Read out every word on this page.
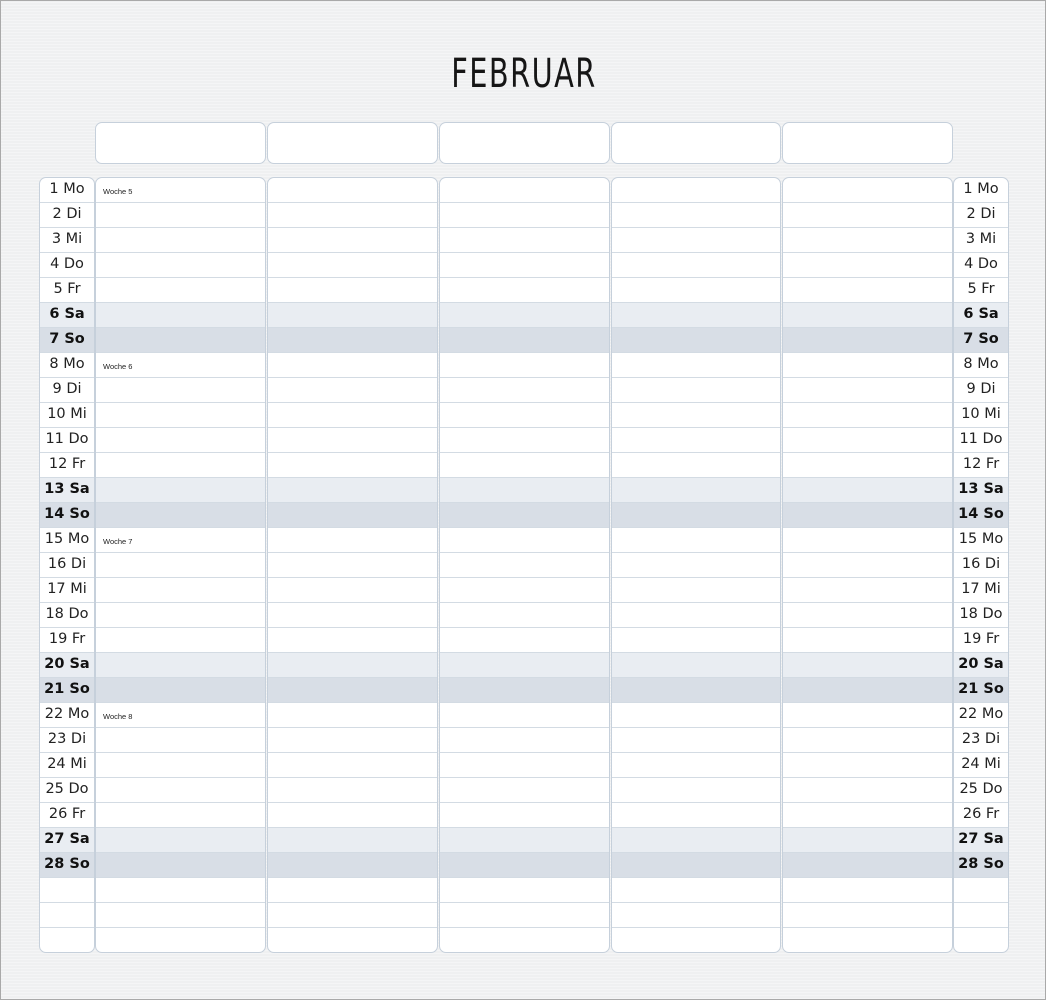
FEBRUAR
1 Mo
2 Di
3 Mi
4 Do
5 Fr
6 Sa
7 So
8 Mo
9 Di
10 Mi
11 Do
12 Fr
13 Sa
14 So
15 Mo
16 Di
17 Mi
18 Do
19 Fr
20 Sa
21 So
22 Mo
23 Di
24 Mi
25 Do
26 Fr
27 Sa
28 So
Woche 5
Woche 6
Woche 7
Woche 8
1 Mo
2 Di
3 Mi
4 Do
5 Fr
6 Sa
7 So
8 Mo
9 Di
10 Mi
11 Do
12 Fr
13 Sa
14 So
15 Mo
16 Di
17 Mi
18 Do
19 Fr
20 Sa
21 So
22 Mo
23 Di
24 Mi
25 Do
26 Fr
27 Sa
28 So
